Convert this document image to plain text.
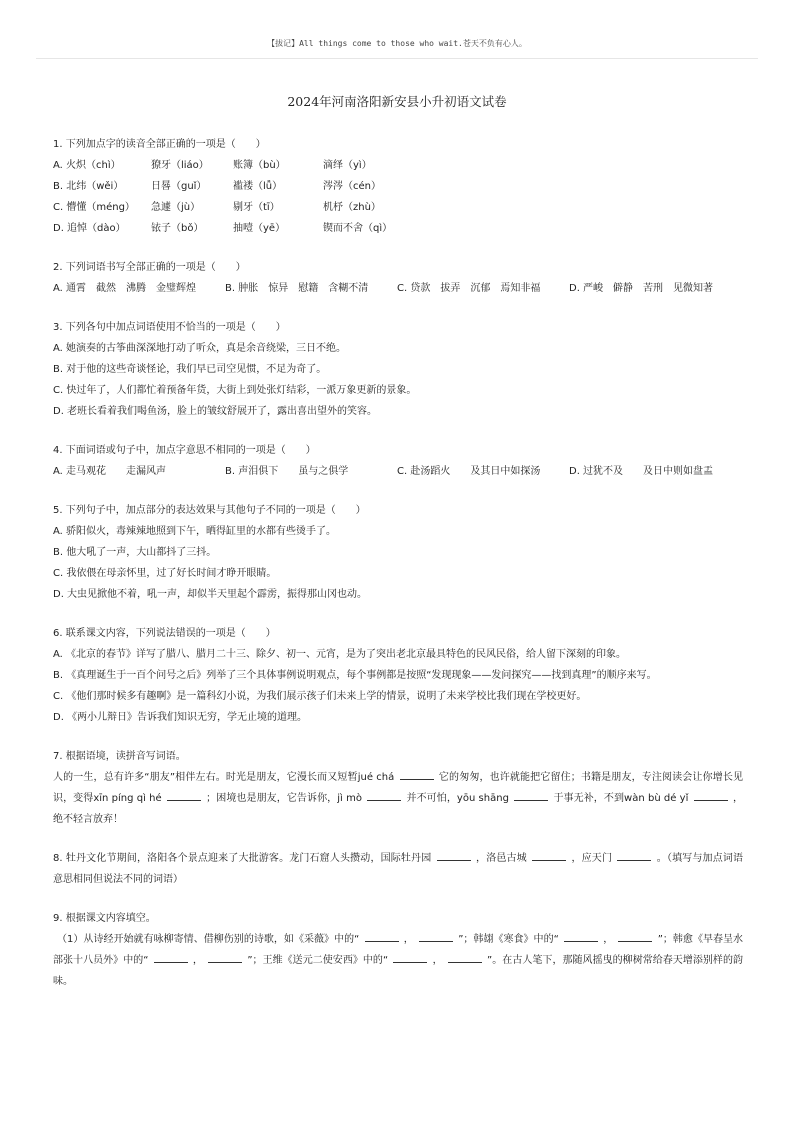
【拔记】All things come to those who wait.苍天不负有心人。
2024年河南洛阳新安县小升初语文试卷
1. 下列加点字的读音全部正确的一项是（　　）
A. 火炽（chì）	獠牙（liáo）	账簿（bù）	滴绎（yì）
B. 北纬（wěi）	日晷（guǐ）	褴褛（lǚ）	涔涔（cén）
C. 懵懂（méng）	急遽（jù）	剔牙（tī）	机杼（zhù）
D. 追悼（dào）	铱子（bǒ）	抽噎（yē）	锲而不舍（qì）
2. 下列词语书写全部正确的一项是（　　）
A. 通霄　截然　沸腾　金璧辉煌	B. 肿胀　惊异　慰籍　含糊不清	C. 贷款　拔弄　沉郁　焉知非福	D. 严峻　僻静　苦刑　见微知著
3. 下列各句中加点词语使用不恰当的一项是（　　）
A. 她演奏的古筝曲深深地打动了听众，真是余音绕梁，三日不绝。
B. 对于他的这些奇谈怪论，我们早已司空见惯，不足为奇了。
C. 快过年了，人们都忙着预备年货，大街上到处张灯结彩，一派万象更新的景象。
D. 老班长看着我们喝鱼汤，脸上的皱纹舒展开了，露出喜出望外的笑容。
4. 下面词语或句子中，加点字意思不相同的一项是（　　）
A. 走马观花　　走漏风声	B. 声泪俱下　　虽与之俱学	C. 赴汤蹈火　　及其日中如探汤	D. 过犹不及　　及日中则如盘盂
5. 下列句子中，加点部分的表达效果与其他句子不同的一项是（　　）
A. 骄阳似火，毒辣辣地照到下午，晒得缸里的水都有些烫手了。
B. 他大吼了一声，大山都抖了三抖。
C. 我依偎在母亲怀里，过了好长时间才睁开眼睛。
D. 大虫见掀他不着，吼一声，却似半天里起个霹雳，振得那山冈也动。
6. 联系课文内容，下列说法错误的一项是（　　）
A. 《北京的春节》详写了腊八、腊月二十三、除夕、初一、元宵，是为了突出老北京最具特色的民风民俗，给人留下深刻的印象。
B. 《真理诞生于一百个问号之后》列举了三个具体事例说明观点，每个事例都是按照“发现现象——发问探究——找到真理”的顺序来写。
C. 《他们那时候多有趣啊》是一篇科幻小说，为我们展示孩子们未来上学的情景，说明了未来学校比我们现在学校更好。
D. 《两小儿辩日》告诉我们知识无穷，学无止境的道理。
7. 根据语境，读拼音写词语。
人的一生，总有许多“朋友”相伴左右。时光是朋友，它漫长而又短暂jué chá	它的匆匆，也许就能把它留住；书籍是朋友，专注阅读会让你增长见识，变得xīn píng qì hé	；困境也是朋友，它告诉你，jì mò	并不可怕，yōu shāng	于事无补，不到wàn bù dé yǐ	，绝不轻言放弃！
8. 牡丹文化节期间，洛阳各个景点迎来了大批游客。龙门石窟人头攒动，国际牡丹园	，洛邑古城	，应天门	。（填写与加点词语意思相同但说法不同的词语）
9. 根据课文内容填空。
（1）从诗经开始就有咏柳寄情、借柳伤别的诗歌，如《采薇》中的“	，	”；韩翃《寒食》中的“	，	”；韩愈《早春呈水部张十八员外》中的“	，	”；王维《送元二使安西》中的“	，	”。在古人笔下，那随风摇曳的柳树常给春天增添别样的韵味。
